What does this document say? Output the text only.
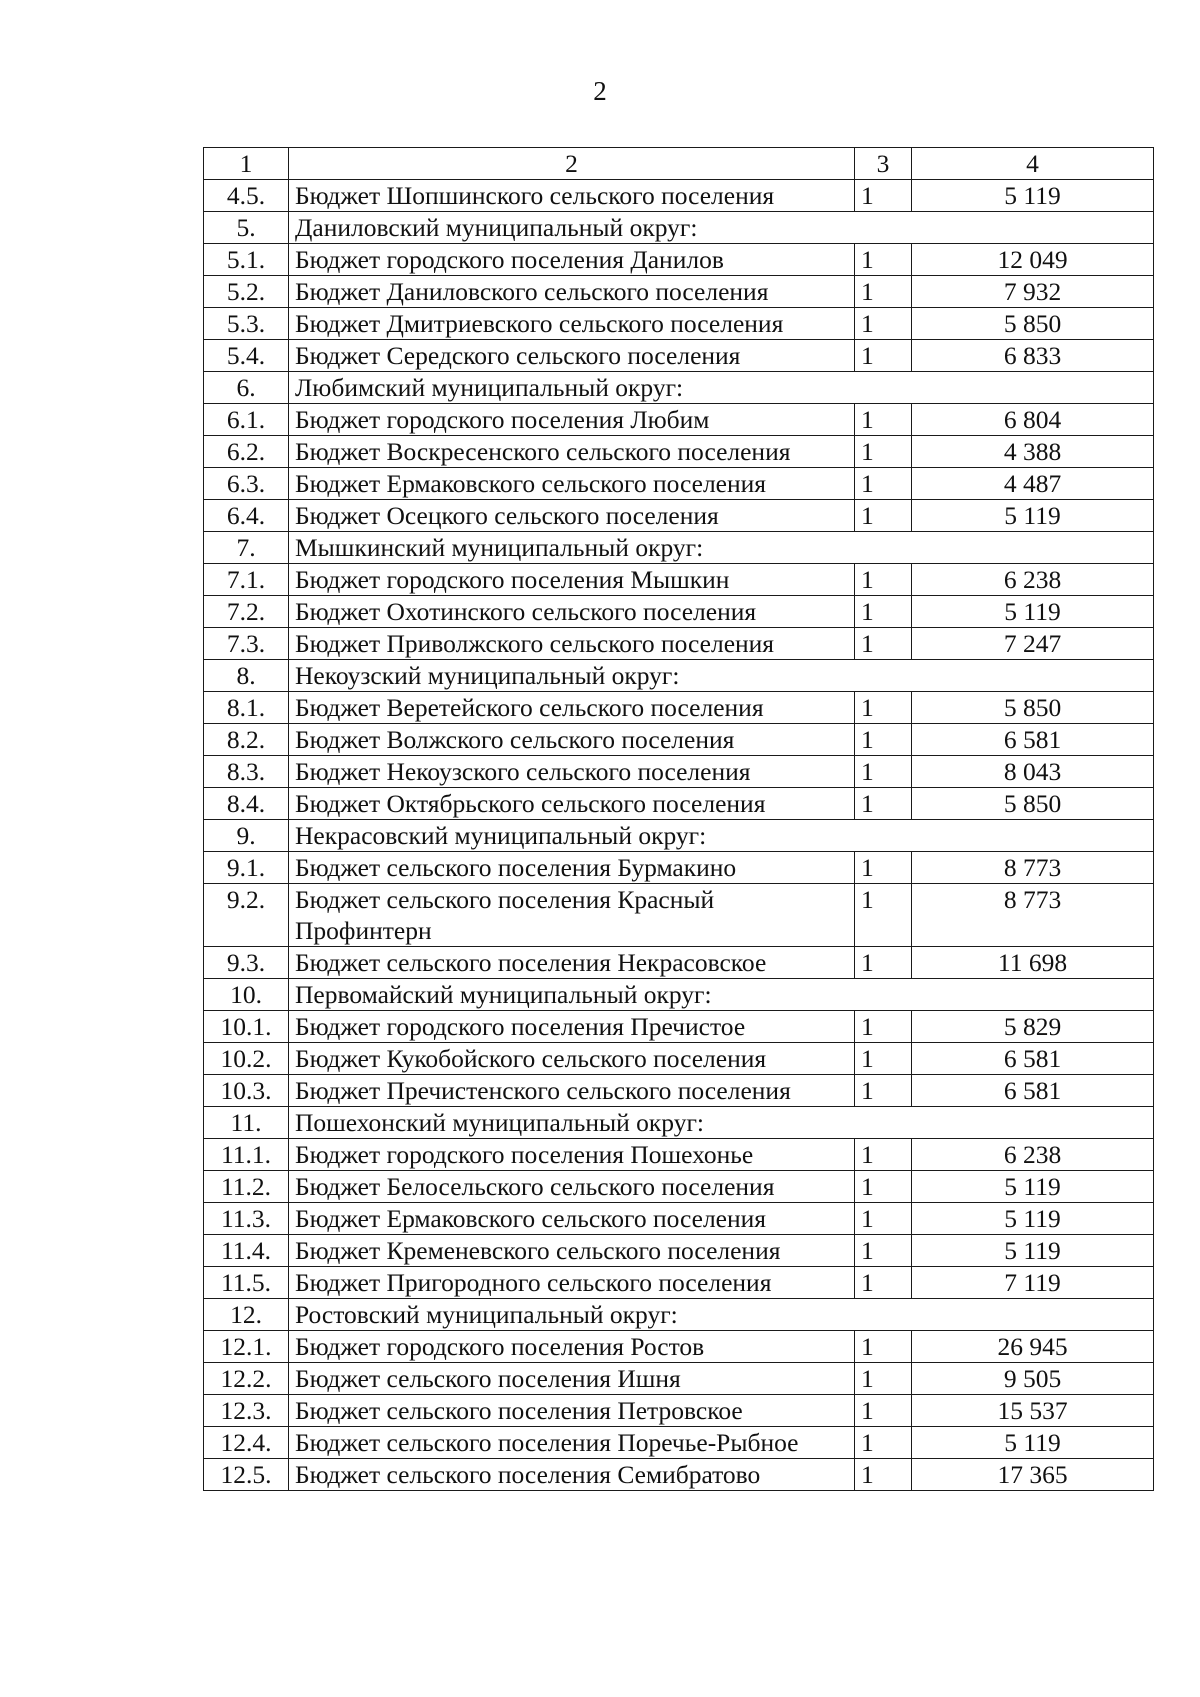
2
1	2	3	4
4.5.	Бюджет Шопшинского сельского поселения	1	5 119
5.	Даниловский муниципальный округ:		
5.1.	Бюджет городского поселения Данилов	1	12 049
5.2.	Бюджет Даниловского сельского поселения	1	7 932
5.3.	Бюджет Дмитриевского сельского поселения	1	5 850
5.4.	Бюджет Середского сельского поселения	1	6 833
6.	Любимский муниципальный округ:		
6.1.	Бюджет городского поселения Любим	1	6 804
6.2.	Бюджет Воскресенского сельского поселения	1	4 388
6.3.	Бюджет Ермаковского сельского поселения	1	4 487
6.4.	Бюджет Осецкого сельского поселения	1	5 119
7.	Мышкинский муниципальный округ:		
7.1.	Бюджет городского поселения Мышкин	1	6 238
7.2.	Бюджет Охотинского сельского поселения	1	5 119
7.3.	Бюджет Приволжского сельского поселения	1	7 247
8.	Некоузский муниципальный округ:		
8.1.	Бюджет Веретейского сельского поселения	1	5 850
8.2.	Бюджет Волжского сельского поселения	1	6 581
8.3.	Бюджет Некоузского сельского поселения	1	8 043
8.4.	Бюджет Октябрьского сельского поселения	1	5 850
9.	Некрасовский муниципальный округ:		
9.1.	Бюджет сельского поселения Бурмакино	1	8 773
9.2.	Бюджет сельского поселения Красный Профинтерн	1	8 773
9.3.	Бюджет сельского поселения Некрасовское	1	11 698
10.	Первомайский муниципальный округ:		
10.1.	Бюджет городского поселения Пречистое	1	5 829
10.2.	Бюджет Кукобойского сельского поселения	1	6 581
10.3.	Бюджет Пречистенского сельского поселения	1	6 581
11.	Пошехонский муниципальный округ:		
11.1.	Бюджет городского поселения Пошехонье	1	6 238
11.2.	Бюджет Белосельского сельского поселения	1	5 119
11.3.	Бюджет Ермаковского сельского поселения	1	5 119
11.4.	Бюджет Кременевского сельского поселения	1	5 119
11.5.	Бюджет Пригородного сельского поселения	1	7 119
12.	Ростовский муниципальный округ:		
12.1.	Бюджет городского поселения Ростов	1	26 945
12.2.	Бюджет сельского поселения Ишня	1	9 505
12.3.	Бюджет сельского поселения Петровское	1	15 537
12.4.	Бюджет сельского поселения Поречье-Рыбное	1	5 119
12.5.	Бюджет сельского поселения Семибратово	1	17 365
